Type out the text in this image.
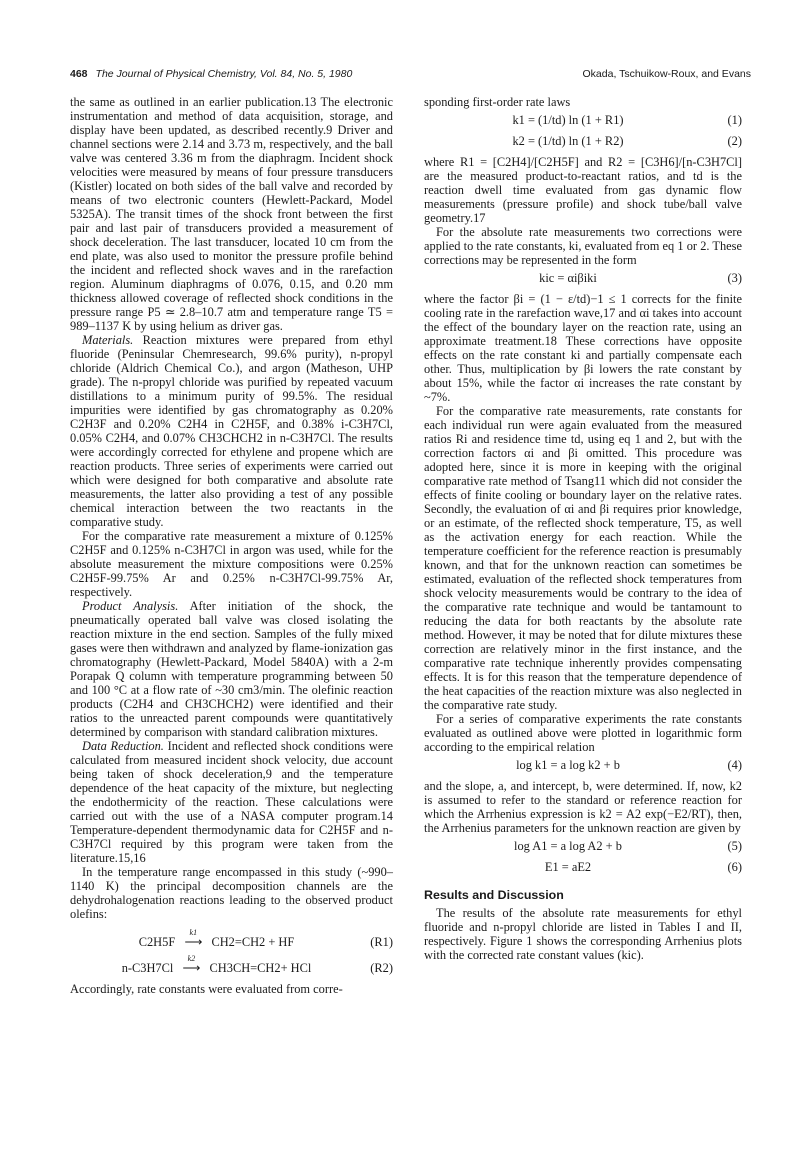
468 The Journal of Physical Chemistry, Vol. 84, No. 5, 1980	Okada, Tschuikow-Roux, and Evans

the same as outlined in an earlier publication.13 The electronic instrumentation and method of data acquisition, storage, and display have been updated, as described recently.9 Driver and channel sections were 2.14 and 3.73 m, respectively, and the ball valve was centered 3.36 m from the diaphragm. Incident shock velocities were measured by means of four pressure transducers (Kistler) located on both sides of the ball valve and recorded by means of two electronic counters (Hewlett-Packard, Model 5325A). The transit times of the shock front between the first pair and last pair of transducers provided a measurement of shock deceleration. The last transducer, located 10 cm from the end plate, was also used to monitor the pressure profile behind the incident and reflected shock waves and in the rarefaction region. Aluminum diaphragms of 0.076, 0.15, and 0.20 mm thickness allowed coverage of reflected shock conditions in the pressure range P5 ≃ 2.8–10.7 atm and temperature range T5 = 989–1137 K by using helium as driver gas.

Materials. Reaction mixtures were prepared from ethyl fluoride (Peninsular Chemresearch, 99.6% purity), n-propyl chloride (Aldrich Chemical Co.), and argon (Matheson, UHP grade). The n-propyl chloride was purified by repeated vacuum distillations to a minimum purity of 99.5%. The residual impurities were identified by gas chromatography as 0.20% C2H3F and 0.20% C2H4 in C2H5F, and 0.38% i-C3H7Cl, 0.05% C2H4, and 0.07% CH3CHCH2 in n-C3H7Cl. The results were accordingly corrected for ethylene and propene which are reaction products. Three series of experiments were carried out which were designed for both comparative and absolute rate measurements, the latter also providing a test of any possible chemical interaction between the two reactants in the comparative study.

For the comparative rate measurement a mixture of 0.125% C2H5F and 0.125% n-C3H7Cl in argon was used, while for the absolute measurement the mixture compositions were 0.25% C2H5F-99.75% Ar and 0.25% n-C3H7Cl-99.75% Ar, respectively.

Product Analysis. After initiation of the shock, the pneumatically operated ball valve was closed isolating the reaction mixture in the end section. Samples of the fully mixed gases were then withdrawn and analyzed by flame-ionization gas chromatography (Hewlett-Packard, Model 5840A) with a 2-m Porapak Q column with temperature programming between 50 and 100 °C at a flow rate of ~30 cm3/min. The olefinic reaction products (C2H4 and CH3CHCH2) were identified and their ratios to the unreacted parent compounds were quantitatively determined by comparison with standard calibration mixtures.

Data Reduction. Incident and reflected shock conditions were calculated from measured incident shock velocity, due account being taken of shock deceleration,9 and the temperature dependence of the heat capacity of the mixture, but neglecting the endothermicity of the reaction. These calculations were carried out with the use of a NASA computer program.14 Temperature-dependent thermodynamic data for C2H5F and n-C3H7Cl required by this program were taken from the literature.15,16

In the temperature range encompassed in this study (~990–1140 K) the principal decomposition channels are the dehydrohalogenation reactions leading to the observed product olefins:

C2H5F
k1
⟶ CH2=CH2 + HF	(R1)
n-C3H7Cl
k2
⟶ CH3CH=CH2+ HCl	(R2)

Accordingly, rate constants were evaluated from corre-

sponding first-order rate laws

k1 = (1/td) ln (1 + R1)	(1)
k2 = (1/td) ln (1 + R2)	(2)

where R1 = [C2H4]/[C2H5F] and R2 = [C3H6]/[n-C3H7Cl] are the measured product-to-reactant ratios, and td is the reaction dwell time evaluated from gas dynamic flow measurements (pressure profile) and shock tube/ball valve geometry.17

For the absolute rate measurements two corrections were applied to the rate constants, ki, evaluated from eq 1 or 2. These corrections may be represented in the form

kic = αiβiki	(3)

where the factor βi = (1 − ε/td)−1 ≤ 1 corrects for the finite cooling rate in the rarefaction wave,17 and αi takes into account the effect of the boundary layer on the reaction rate, using an approximate treatment.18 These corrections have opposite effects on the rate constant ki and partially compensate each other. Thus, multiplication by βi lowers the rate constant by about 15%, while the factor αi increases the rate constant by ~7%.

For the comparative rate measurements, rate constants for each individual run were again evaluated from the measured ratios Ri and residence time td, using eq 1 and 2, but with the correction factors αi and βi omitted. This procedure was adopted here, since it is more in keeping with the original comparative rate method of Tsang11 which did not consider the effects of finite cooling or boundary layer on the relative rates. Secondly, the evaluation of αi and βi requires prior knowledge, or an estimate, of the reflected shock temperature, T5, as well as the activation energy for each reaction. While the temperature coefficient for the reference reaction is presumably known, and that for the unknown reaction can sometimes be estimated, evaluation of the reflected shock temperatures from shock velocity measurements would be contrary to the idea of the comparative rate technique and would be tantamount to reducing the data for both reactants by the absolute rate method. However, it may be noted that for dilute mixtures these correction are relatively minor in the first instance, and the comparative rate technique inherently provides compensating effects. It is for this reason that the temperature dependence of the heat capacities of the reaction mixture was also neglected in the comparative rate study.

For a series of comparative experiments the rate constants evaluated as outlined above were plotted in logarithmic form according to the empirical relation

log k1 = a log k2 + b	(4)

and the slope, a, and intercept, b, were determined. If, now, k2 is assumed to refer to the standard or reference reaction for which the Arrhenius expression is k2 = A2 exp(−E2/RT), then, the Arrhenius parameters for the unknown reaction are given by

log A1 = a log A2 + b	(5)
E1 = aE2	(6)
Results and Discussion

The results of the absolute rate measurements for ethyl fluoride and n-propyl chloride are listed in Tables I and II, respectively. Figure 1 shows the corresponding Arrhenius plots with the corrected rate constant values (kic).
